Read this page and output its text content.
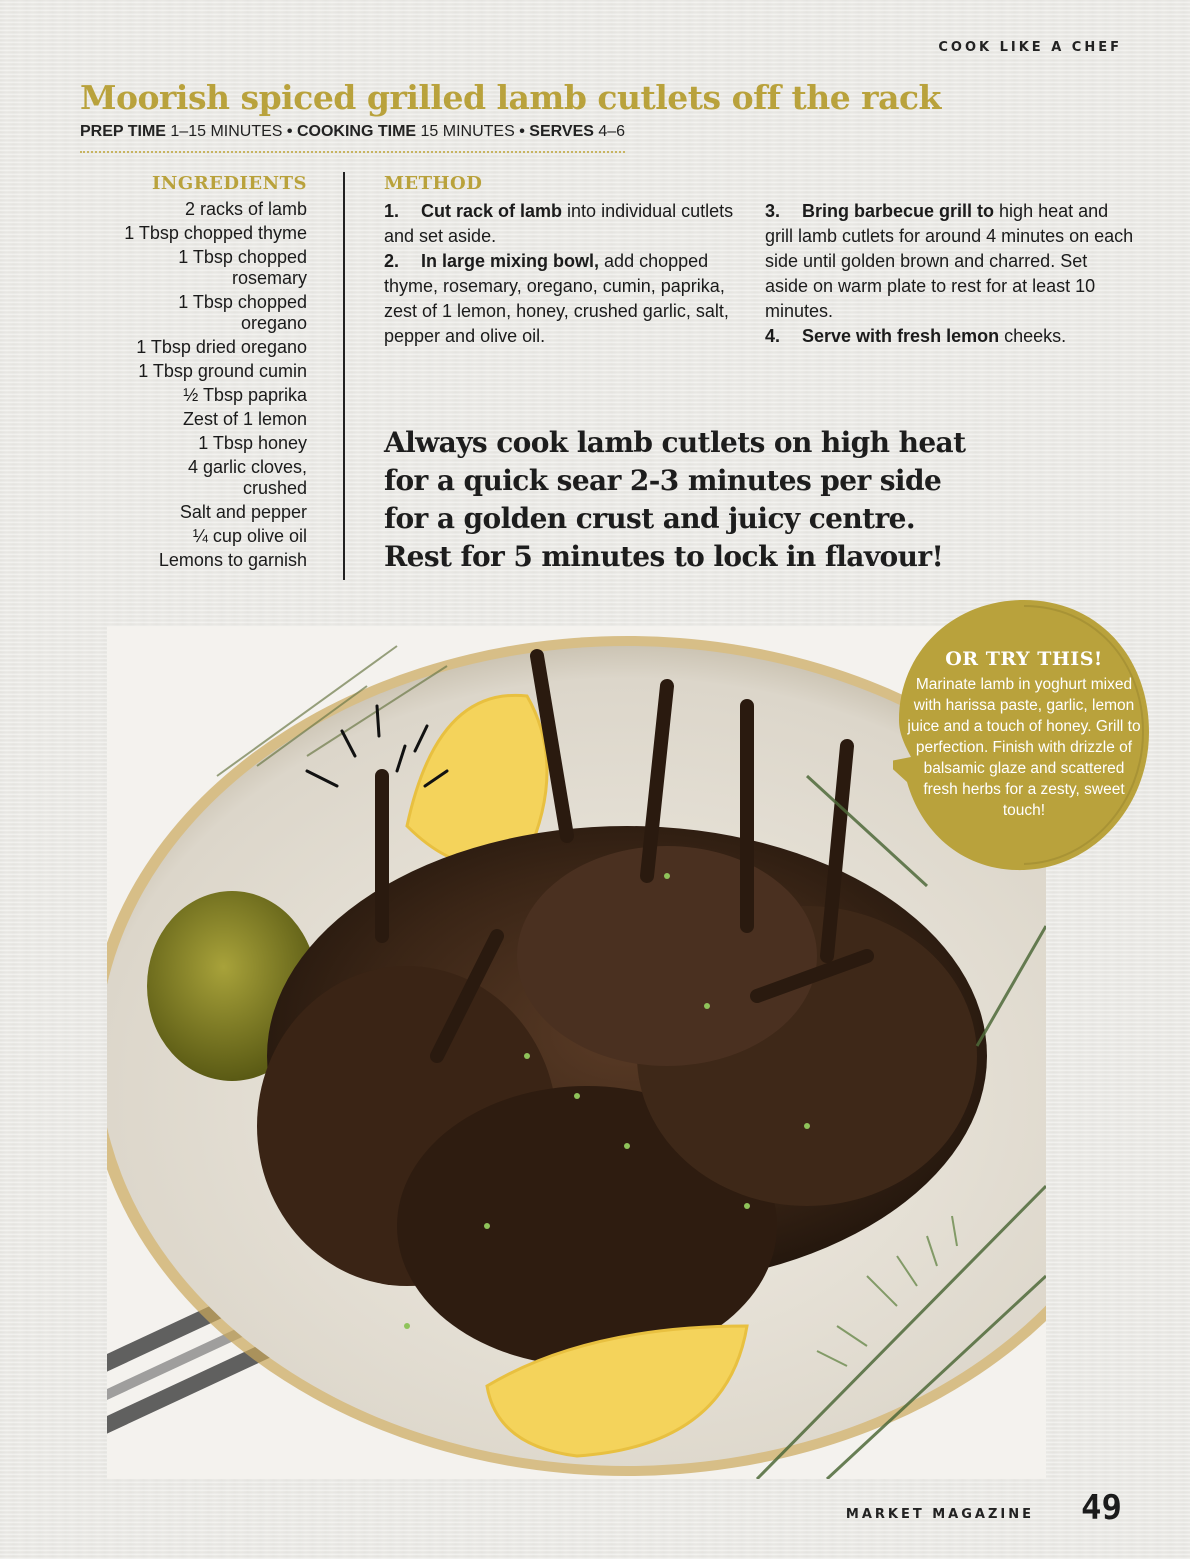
COOK LIKE A CHEF
Moorish spiced grilled lamb cutlets off the rack
PREP TIME 1–15 MINUTES • COOKING TIME 15 MINUTES • SERVES 4–6
INGREDIENTS
2 racks of lamb
1 Tbsp chopped thyme
1 Tbsp chopped rosemary
1 Tbsp chopped oregano
1 Tbsp dried oregano
1 Tbsp ground cumin
½ Tbsp paprika
Zest of 1 lemon
1 Tbsp honey
4 garlic cloves, crushed
Salt and pepper
¼ cup olive oil
Lemons to garnish
METHOD

1. Cut rack of lamb into individual cutlets and set aside.

2. In large mixing bowl, add chopped thyme, rosemary, oregano, cumin, paprika, zest of 1 lemon, honey, crushed garlic, salt, pepper and olive oil.

3. Bring barbecue grill to high heat and grill lamb cutlets for around 4 minutes on each side until golden brown and charred. Set aside on warm plate to rest for at least 10 minutes.

4. Serve with fresh lemon cheeks.

Always cook lamb cutlets on high heat for a quick sear 2-3 minutes per side for a golden crust and juicy centre. Rest for 5 minutes to lock in flavour!
OR TRY THIS!
Marinate lamb in yoghurt mixed with harissa paste, garlic, lemon juice and a touch of honey. Grill to perfection. Finish with drizzle of balsamic glaze and scattered fresh herbs for a zesty, sweet touch!
MARKET MAGAZINE 49
